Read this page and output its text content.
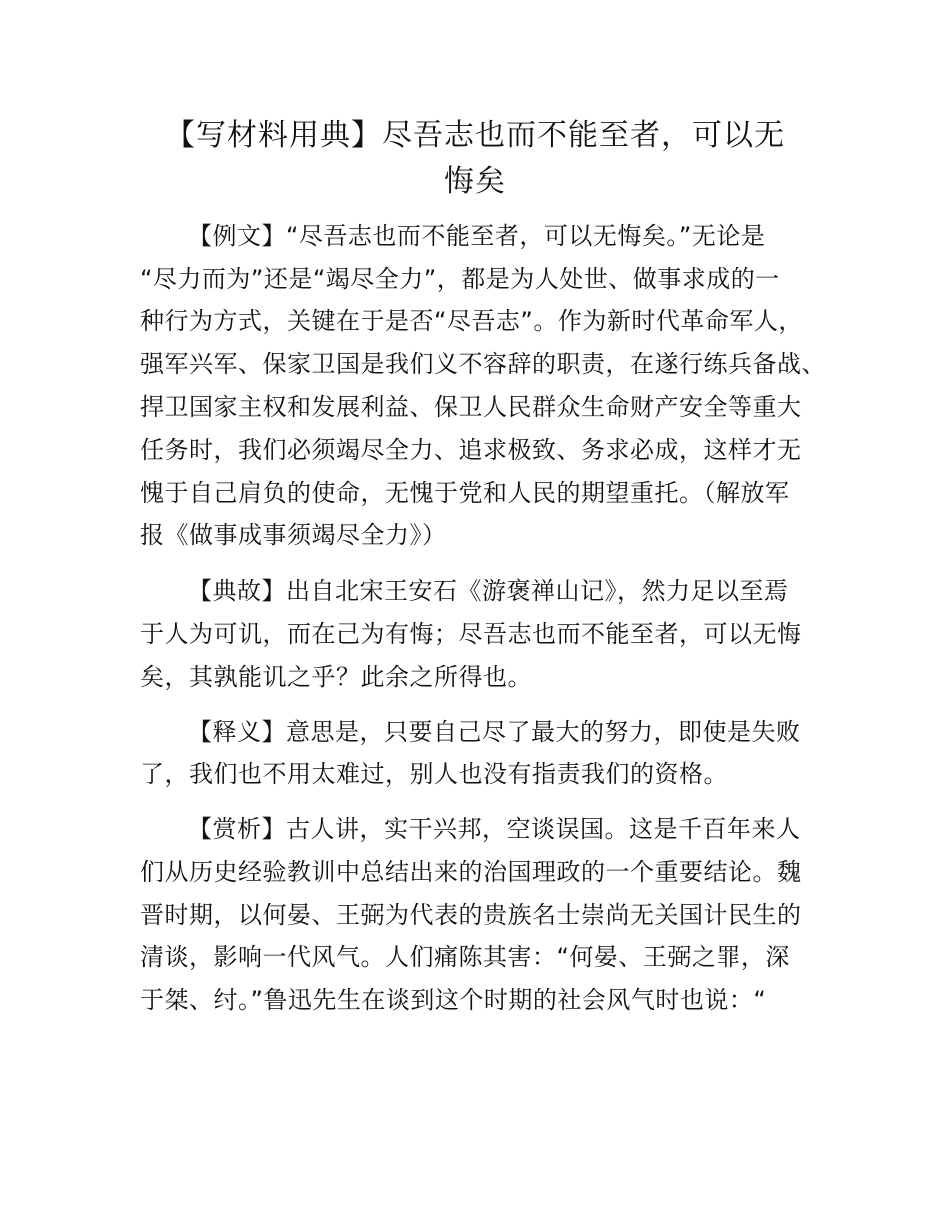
【写材料用典】尽吾志也而不能至者，可以无
悔矣
【例文】“尽吾志也而不能至者，可以无悔矣。”无论是
“尽力而为”还是“竭尽全力”，都是为人处世、做事求成的一
种行为方式，关键在于是否“尽吾志”。作为新时代革命军人，
强军兴军、保家卫国是我们义不容辞的职责，在遂行练兵备战、
捍卫国家主权和发展利益、保卫人民群众生命财产安全等重大
任务时，我们必须竭尽全力、追求极致、务求必成，这样才无
愧于自己肩负的使命，无愧于党和人民的期望重托。（解放军
报《做事成事须竭尽全力》）
【典故】出自北宋王安石《游褒禅山记》，然力足以至焉
于人为可讥，而在己为有悔；尽吾志也而不能至者，可以无悔
矣，其孰能讥之乎？此余之所得也。
【释义】意思是，只要自己尽了最大的努力，即使是失败
了，我们也不用太难过，别人也没有指责我们的资格。
【赏析】古人讲，实干兴邦，空谈误国。这是千百年来人
们从历史经验教训中总结出来的治国理政的一个重要结论。魏
晋时期，以何晏、王弼为代表的贵族名士崇尚无关国计民生的
清谈，影响一代风气。人们痛陈其害：“何晏、王弼之罪，深
于桀、纣。”鲁迅先生在谈到这个时期的社会风气时也说：“
